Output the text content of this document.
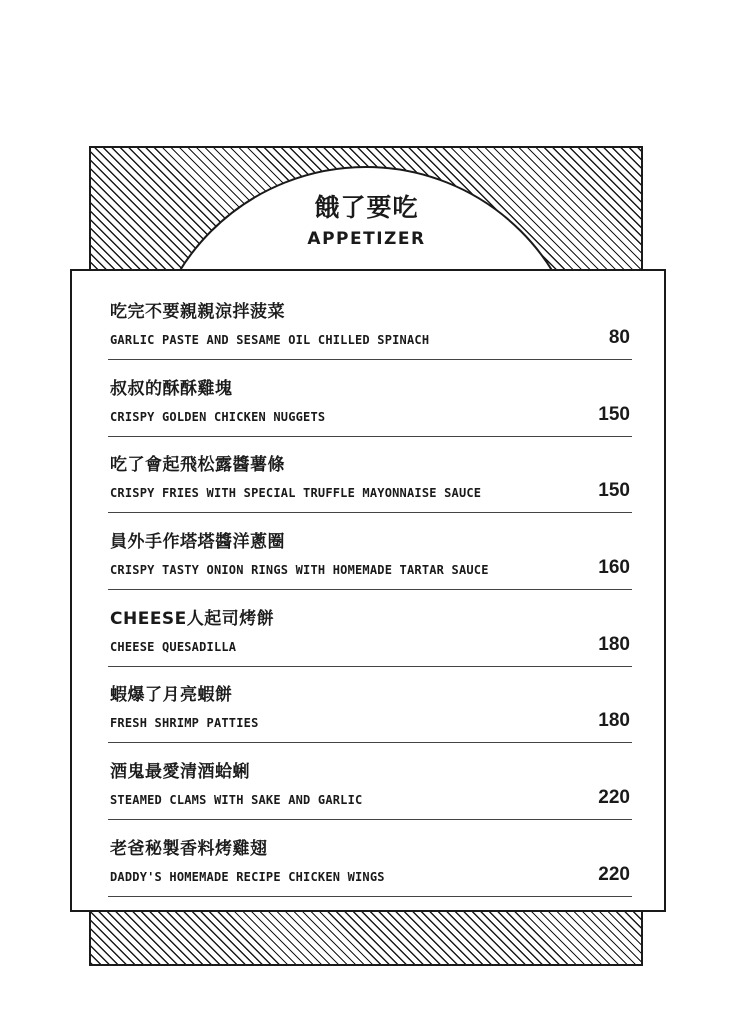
餓了要吃
APPETIZER
吃完不要親親涼拌菠菜
GARLIC PASTE AND SESAME OIL CHILLED SPINACH	80
叔叔的酥酥雞塊
CRISPY GOLDEN CHICKEN NUGGETS	150
吃了會起飛松露醬薯條
CRISPY FRIES WITH SPECIAL TRUFFLE MAYONNAISE SAUCE	150
員外手作塔塔醬洋蔥圈
CRISPY TASTY ONION RINGS WITH HOMEMADE TARTAR SAUCE	160
CHEESE人起司烤餅
CHEESE QUESADILLA	180
蝦爆了月亮蝦餅
FRESH SHRIMP PATTIES	180
酒鬼最愛清酒蛤蜊
STEAMED CLAMS WITH SAKE AND GARLIC	220
老爸秘製香料烤雞翅
DADDY'S HOMEMADE RECIPE CHICKEN WINGS	220
